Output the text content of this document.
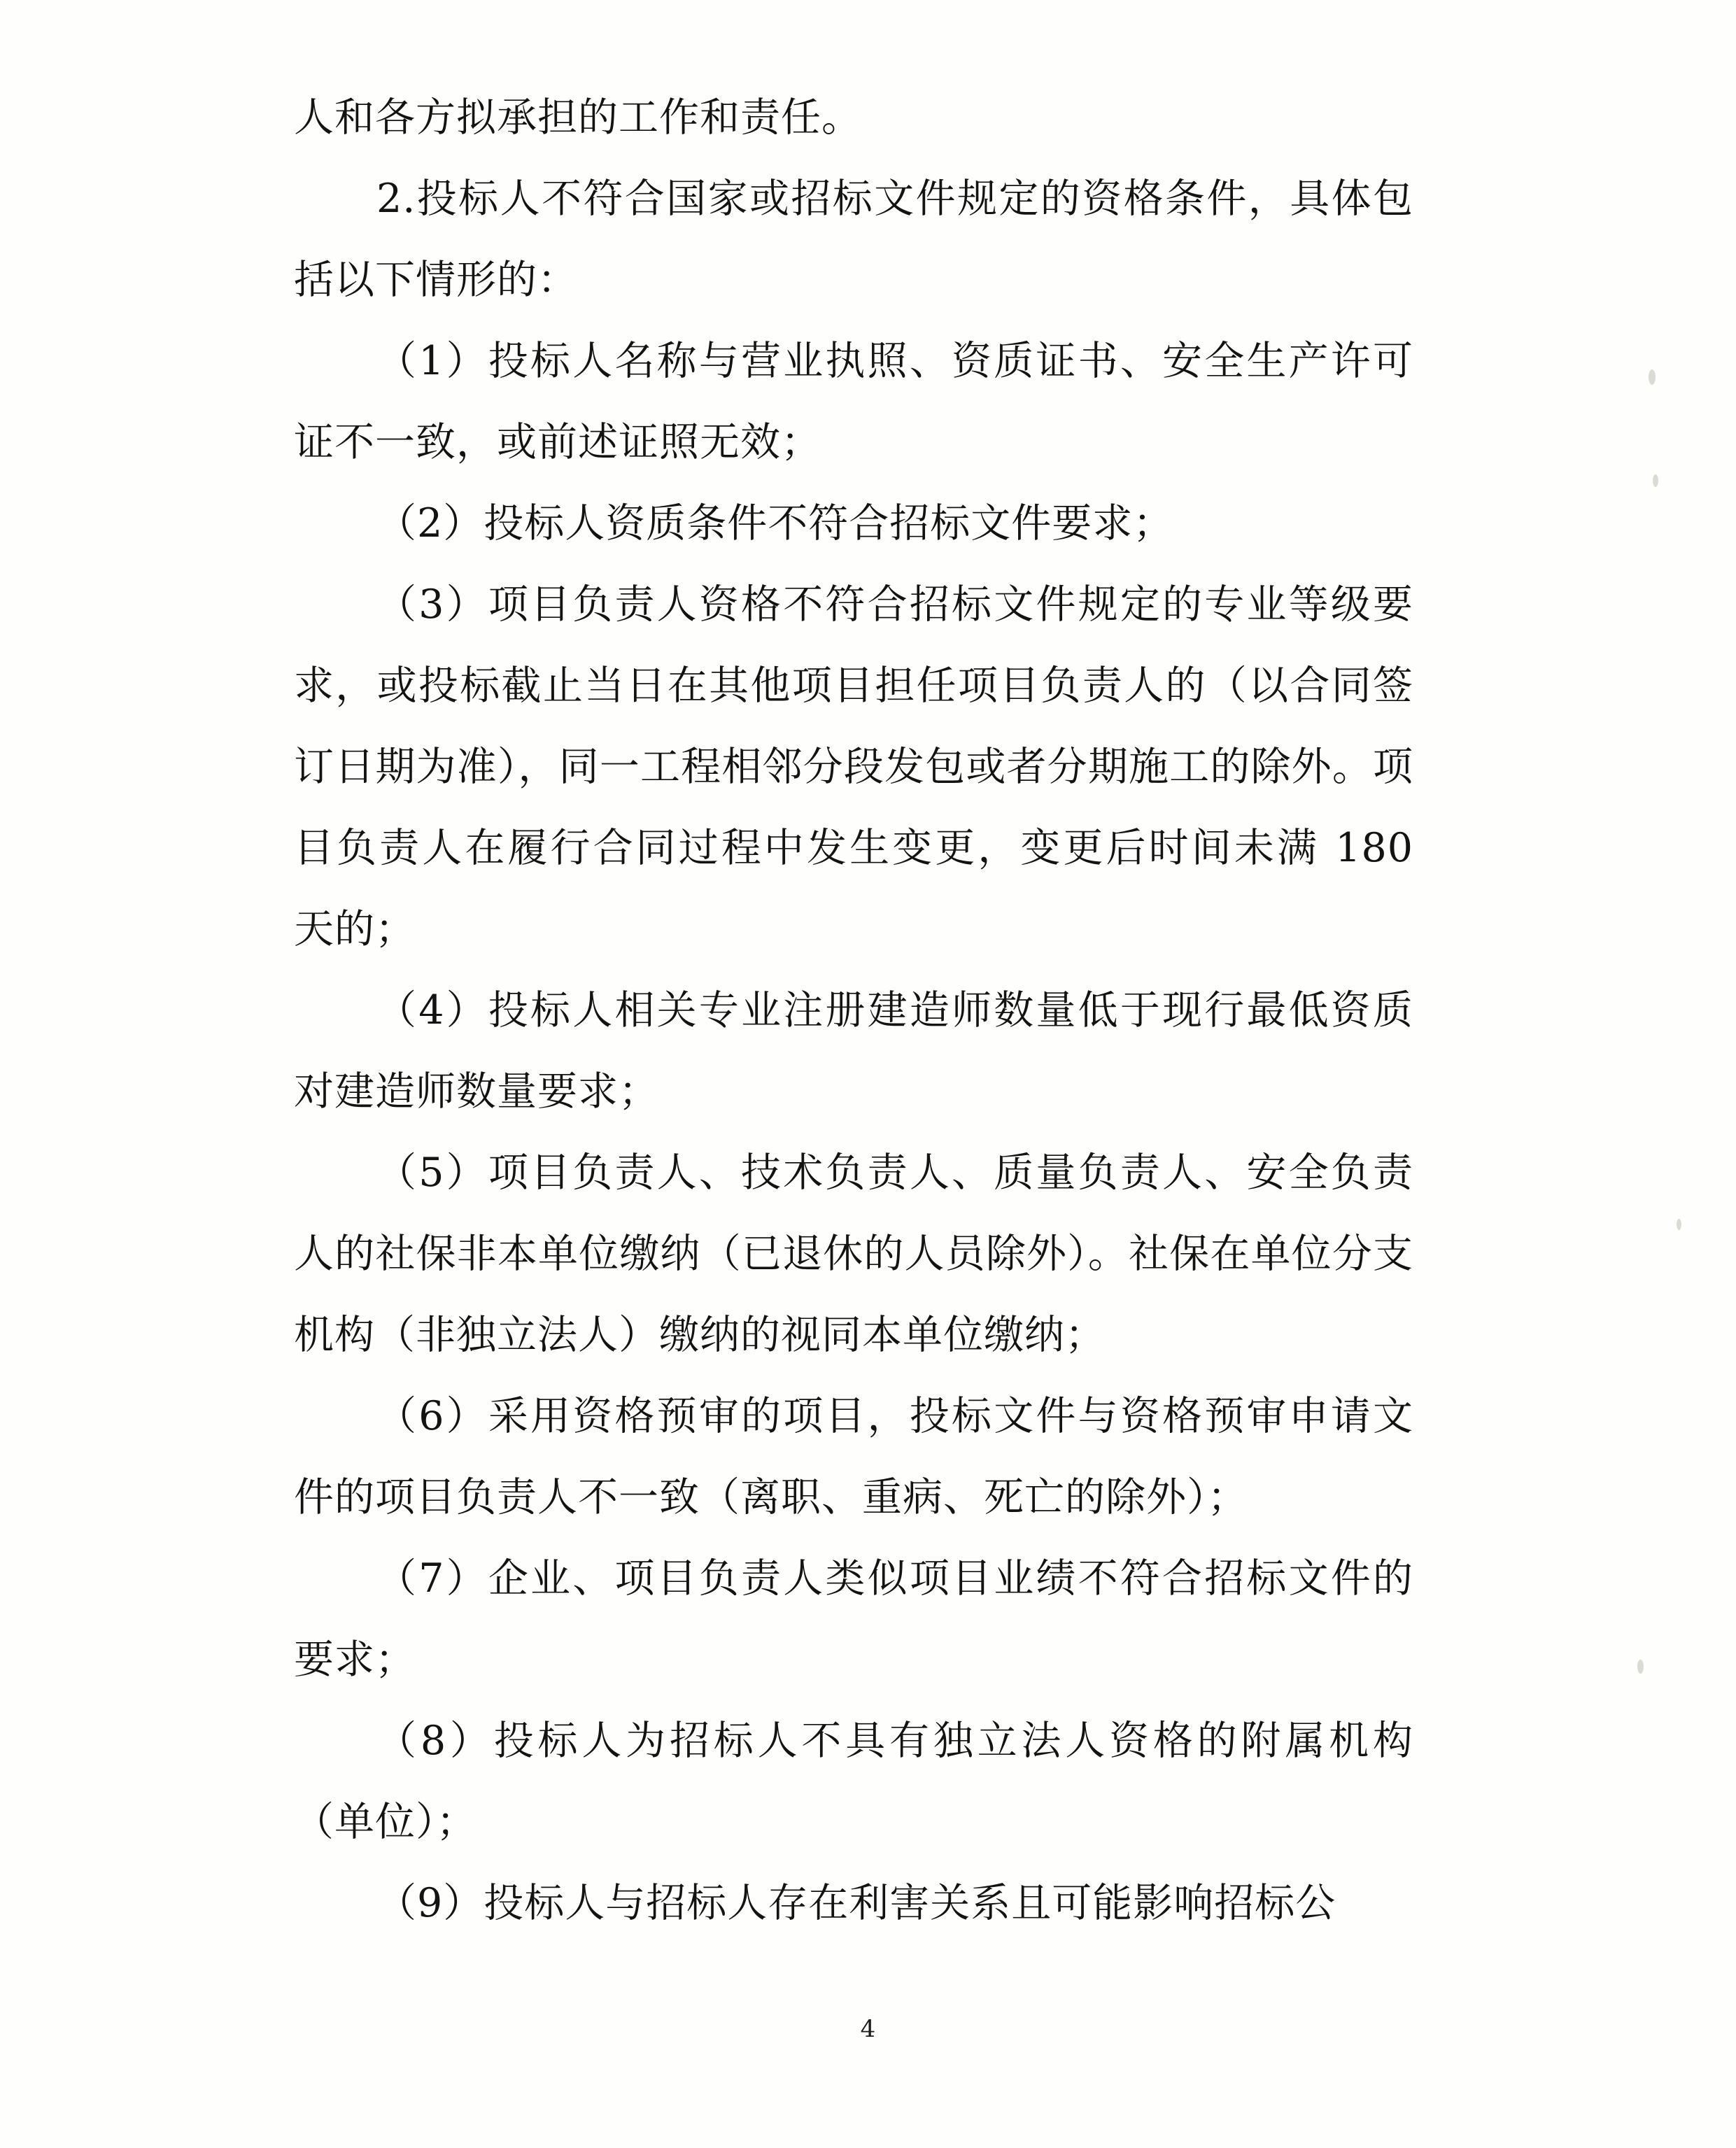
人和各方拟承担的工作和责任。

2.投标人不符合国家或招标文件规定的资格条件，具体包括以下情形的：

（1）投标人名称与营业执照、资质证书、安全生产许可证不一致，或前述证照无效；

（2）投标人资质条件不符合招标文件要求；

（3）项目负责人资格不符合招标文件规定的专业等级要求，或投标截止当日在其他项目担任项目负责人的（以合同签订日期为准），同一工程相邻分段发包或者分期施工的除外。项目负责人在履行合同过程中发生变更，变更后时间未满 180 天的；

（4）投标人相关专业注册建造师数量低于现行最低资质对建造师数量要求；

（5）项目负责人、技术负责人、质量负责人、安全负责人的社保非本单位缴纳（已退休的人员除外）。社保在单位分支机构（非独立法人）缴纳的视同本单位缴纳；

（6）采用资格预审的项目，投标文件与资格预审申请文件的项目负责人不一致（离职、重病、死亡的除外）；

（7）企业、项目负责人类似项目业绩不符合招标文件的要求；

（8）投标人为招标人不具有独立法人资格的附属机构（单位）；

（9）投标人与招标人存在利害关系且可能影响招标公

4
